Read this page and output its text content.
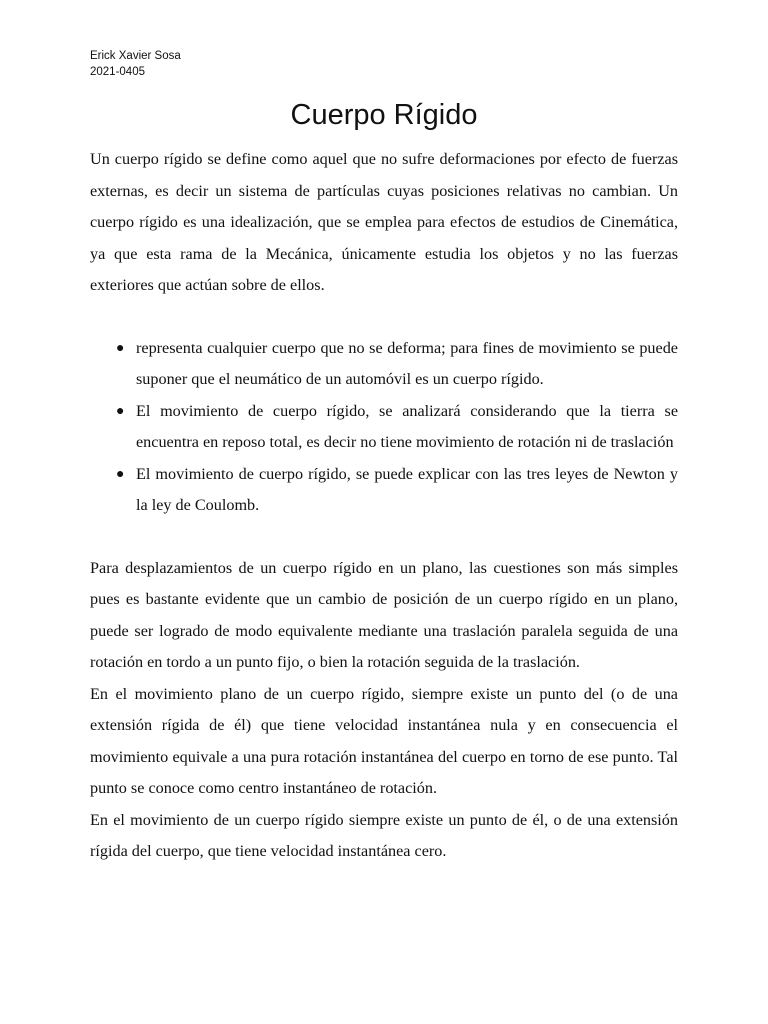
Erick Xavier Sosa
2021-0405
Cuerpo Rígido

Un cuerpo rígido se define como aquel que no sufre deformaciones por efecto de fuerzas externas, es decir un sistema de partículas cuyas posiciones relativas no cambian. Un cuerpo rígido es una idealización, que se emplea para efectos de estudios de Cinemática, ya que esta rama de la Mecánica, únicamente estudia los objetos y no las fuerzas exteriores que actúan sobre de ellos.

● representa cualquier cuerpo que no se deforma; para fines de movimiento se puede suponer que el neumático de un automóvil es un cuerpo rígido.
● El movimiento de cuerpo rígido, se analizará considerando que la tierra se encuentra en reposo total, es decir no tiene movimiento de rotación ni de traslación
● El movimiento de cuerpo rígido, se puede explicar con las tres leyes de Newton y la ley de Coulomb.

Para desplazamientos de un cuerpo rígido en un plano, las cuestiones son más simples pues es bastante evidente que un cambio de posición de un cuerpo rígido en un plano, puede ser logrado de modo equivalente mediante una traslación paralela seguida de una rotación en tordo a un punto fijo, o bien la rotación seguida de la traslación.

En el movimiento plano de un cuerpo rígido, siempre existe un punto del (o de una extensión rígida de él) que tiene velocidad instantánea nula y en consecuencia el movimiento equivale a una pura rotación instantánea del cuerpo en torno de ese punto. Tal punto se conoce como centro instantáneo de rotación.

En el movimiento de un cuerpo rígido siempre existe un punto de él, o de una extensión rígida del cuerpo, que tiene velocidad instantánea cero.
